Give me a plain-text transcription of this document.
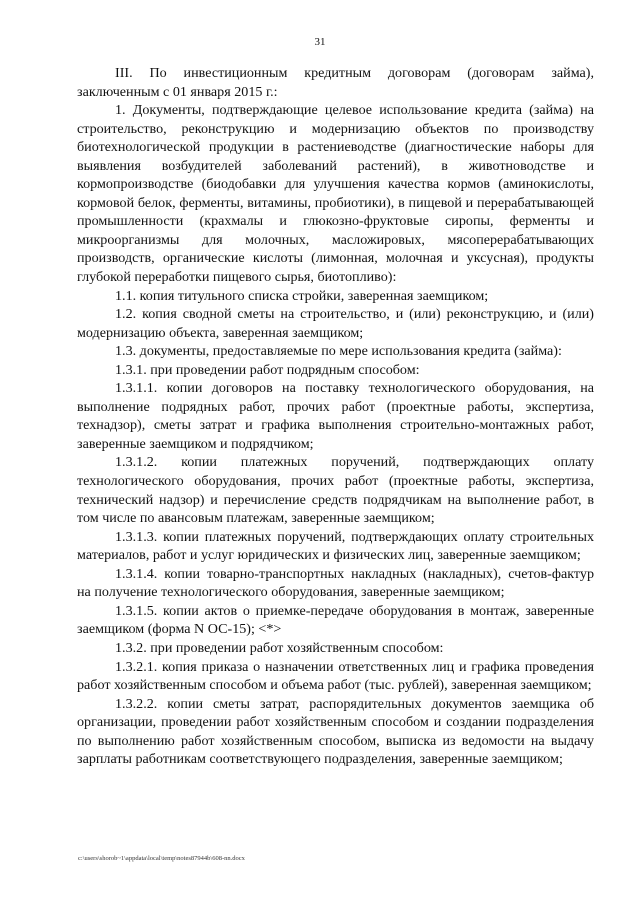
31

III. По инвестиционным кредитным договорам (договорам займа), заключенным с 01 января 2015 г.:

1. Документы, подтверждающие целевое использование кредита (займа) на строительство, реконструкцию и модернизацию объектов по производству биотехнологической продукции в растениеводстве (диагностические наборы для выявления возбудителей заболеваний растений), в животноводстве и кормопроизводстве (биодобавки для улучшения качества кормов (аминокислоты, кормовой белок, ферменты, витамины, пробиотики), в пищевой и перерабатывающей промышленности (крахмалы и глюкозно-фруктовые сиропы, ферменты и микроорганизмы для молочных, масложировых, мясоперерабатывающих производств, органические кислоты (лимонная, молочная и уксусная), продукты глубокой переработки пищевого сырья, биотопливо):

1.1. копия титульного списка стройки, заверенная заемщиком;

1.2. копия сводной сметы на строительство, и (или) реконструкцию, и (или) модернизацию объекта, заверенная заемщиком;

1.3. документы, предоставляемые по мере использования кредита (займа):

1.3.1. при проведении работ подрядным способом:

1.3.1.1. копии договоров на поставку технологического оборудования, на выполнение подрядных работ, прочих работ (проектные работы, экспертиза, технадзор), сметы затрат и графика выполнения строительно-монтажных работ, заверенные заемщиком и подрядчиком;

1.3.1.2. копии платежных поручений, подтверждающих оплату технологического оборудования, прочих работ (проектные работы, экспертиза, технический надзор) и перечисление средств подрядчикам на выполнение работ, в том числе по авансовым платежам, заверенные заемщиком;

1.3.1.3. копии платежных поручений, подтверждающих оплату строительных материалов, работ и услуг юридических и физических лиц, заверенные заемщиком;

1.3.1.4. копии товарно-транспортных накладных (накладных), счетов-фактур на получение технологического оборудования, заверенные заемщиком;

1.3.1.5. копии актов о приемке-передаче оборудования в монтаж, заверенные заемщиком (форма N ОС-15); <*>

1.3.2. при проведении работ хозяйственным способом:

1.3.2.1. копия приказа о назначении ответственных лиц и графика проведения работ хозяйственным способом и объема работ (тыс. рублей), заверенная заемщиком;

1.3.2.2. копии сметы затрат, распорядительных документов заемщика об организации, проведении работ хозяйственным способом и создании подразделения по выполнению работ хозяйственным способом, выписка из ведомости на выдачу зарплаты работникам соответствующего подразделения, заверенные заемщиком;

c:\users\shorob~1\appdata\local\temp\notes87944b\608-nn.docx
